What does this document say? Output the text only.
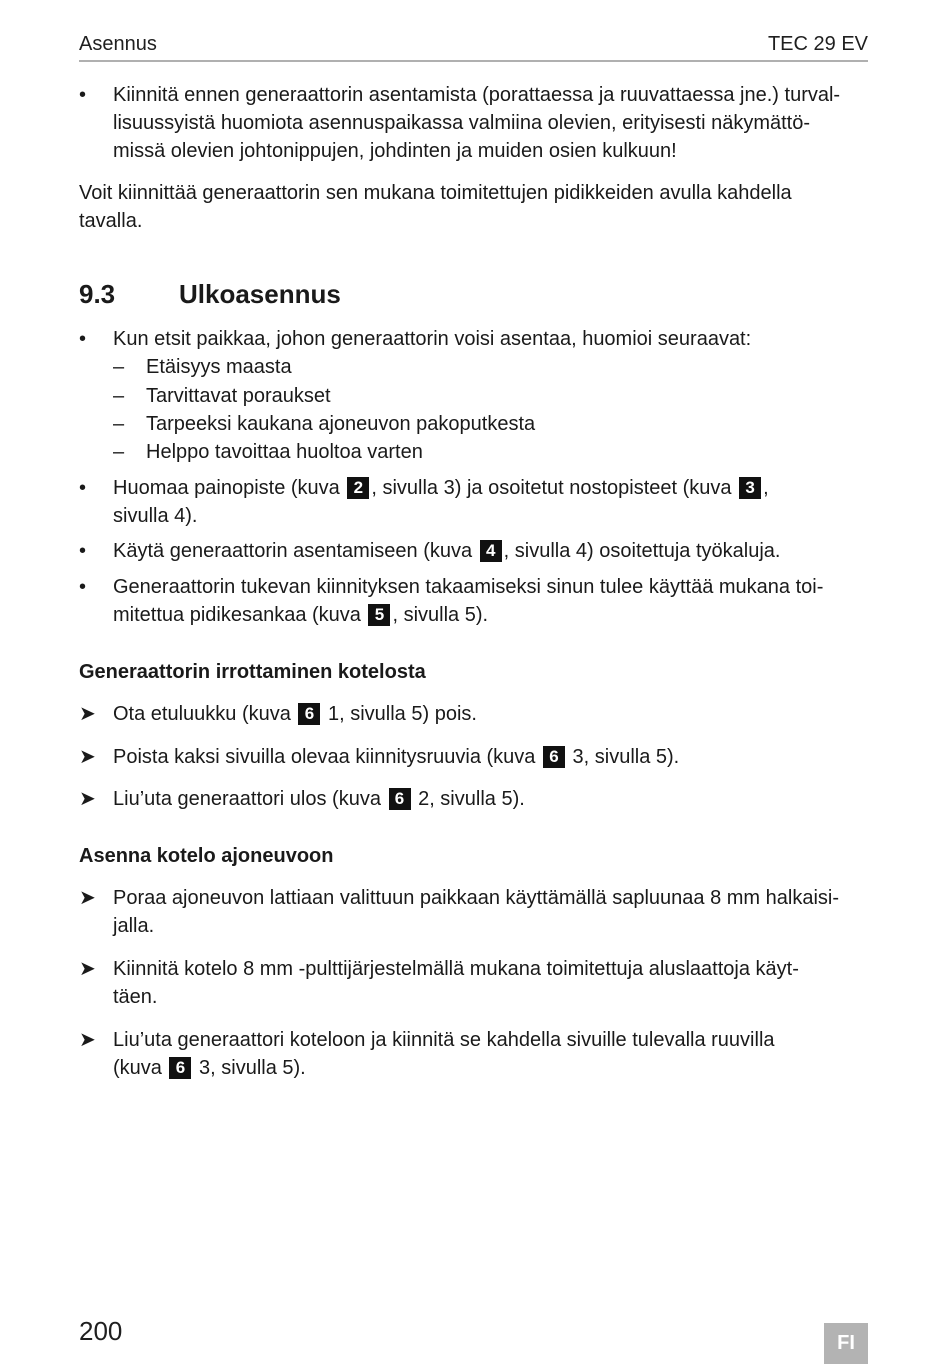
Asennus	TEC 29 EV
• Kiinnitä ennen generaattorin asentamista (porattaessa ja ruuvattaessa jne.) turval-
lisuussyistä huomiota asennuspaikassa valmiina olevien, erityisesti näkymättö-
missä olevien johtonippujen, johdinten ja muiden osien kulkuun!
Voit kiinnittää generaattorin sen mukana toimitettujen pidikkeiden avulla kahdella
tavalla.
9.3 Ulkoasennus
• Kun etsit paikkaa, johon generaattorin voisi asentaa, huomioi seuraavat:
– Etäisyys maasta
– Tarvittavat poraukset
– Tarpeeksi kaukana ajoneuvon pakoputkesta
– Helppo tavoittaa huoltoa varten
• Huomaa painopiste (kuva 2 , sivulla 3) ja osoitetut nostopisteet (kuva 3 ,
sivulla 4).
• Käytä generaattorin asentamiseen (kuva 4 , sivulla 4) osoitettuja työkaluja.
• Generaattorin tukevan kiinnityksen takaamiseksi sinun tulee käyttää mukana toi-
mitettua pidikesankaa (kuva 5 , sivulla 5).
Generaattorin irrottaminen kotelosta
➤ Ota etuluukku (kuva 6 1, sivulla 5) pois.
➤ Poista kaksi sivuilla olevaa kiinnitysruuvia (kuva 6 3, sivulla 5).
➤ Liu’uta generaattori ulos (kuva 6 2, sivulla 5).
Asenna kotelo ajoneuvoon
➤ Poraa ajoneuvon lattiaan valittuun paikkaan käyttämällä sapluunaa 8 mm halkaisi-
jalla.
➤ Kiinnitä kotelo 8 mm -pulttijärjestelmällä mukana toimitettuja aluslaattoja käyt-
täen.
➤ Liu’uta generaattori koteloon ja kiinnitä se kahdella sivuille tulevalla ruuvilla
(kuva 6 3, sivulla 5).
200	FI
